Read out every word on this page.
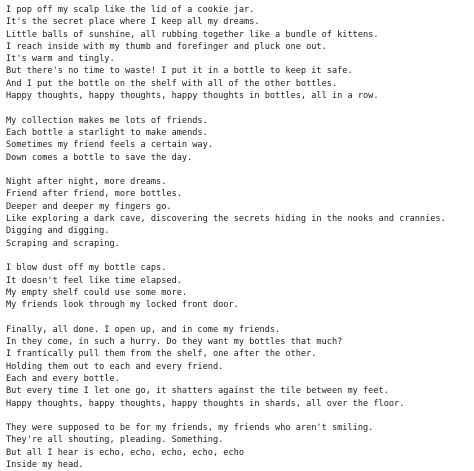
I pop off my scalp like the lid of a cookie jar.
It's the secret place where I keep all my dreams.
Little balls of sunshine, all rubbing together like a bundle of kittens.
I reach inside with my thumb and forefinger and pluck one out.
It's warm and tingly.
But there's no time to waste! I put it in a bottle to keep it safe.
And I put the bottle on the shelf with all of the other bottles.
Happy thoughts, happy thoughts, happy thoughts in bottles, all in a row.
My collection makes me lots of friends.
Each bottle a starlight to make amends.
Sometimes my friend feels a certain way.
Down comes a bottle to save the day.
Night after night, more dreams.
Friend after friend, more bottles.
Deeper and deeper my fingers go.
Like exploring a dark cave, discovering the secrets hiding in the nooks and crannies.
Digging and digging.
Scraping and scraping.
I blow dust off my bottle caps.
It doesn't feel like time elapsed.
My empty shelf could use some more.
My friends look through my locked front door.
Finally, all done. I open up, and in come my friends.
In they come, in such a hurry. Do they want my bottles that much?
I frantically pull them from the shelf, one after the other.
Holding them out to each and every friend.
Each and every bottle.
But every time I let one go, it shatters against the tile between my feet.
Happy thoughts, happy thoughts, happy thoughts in shards, all over the floor.
They were supposed to be for my friends, my friends who aren't smiling.
They're all shouting, pleading. Something.
But all I hear is echo, echo, echo, echo, echo
Inside my head.
